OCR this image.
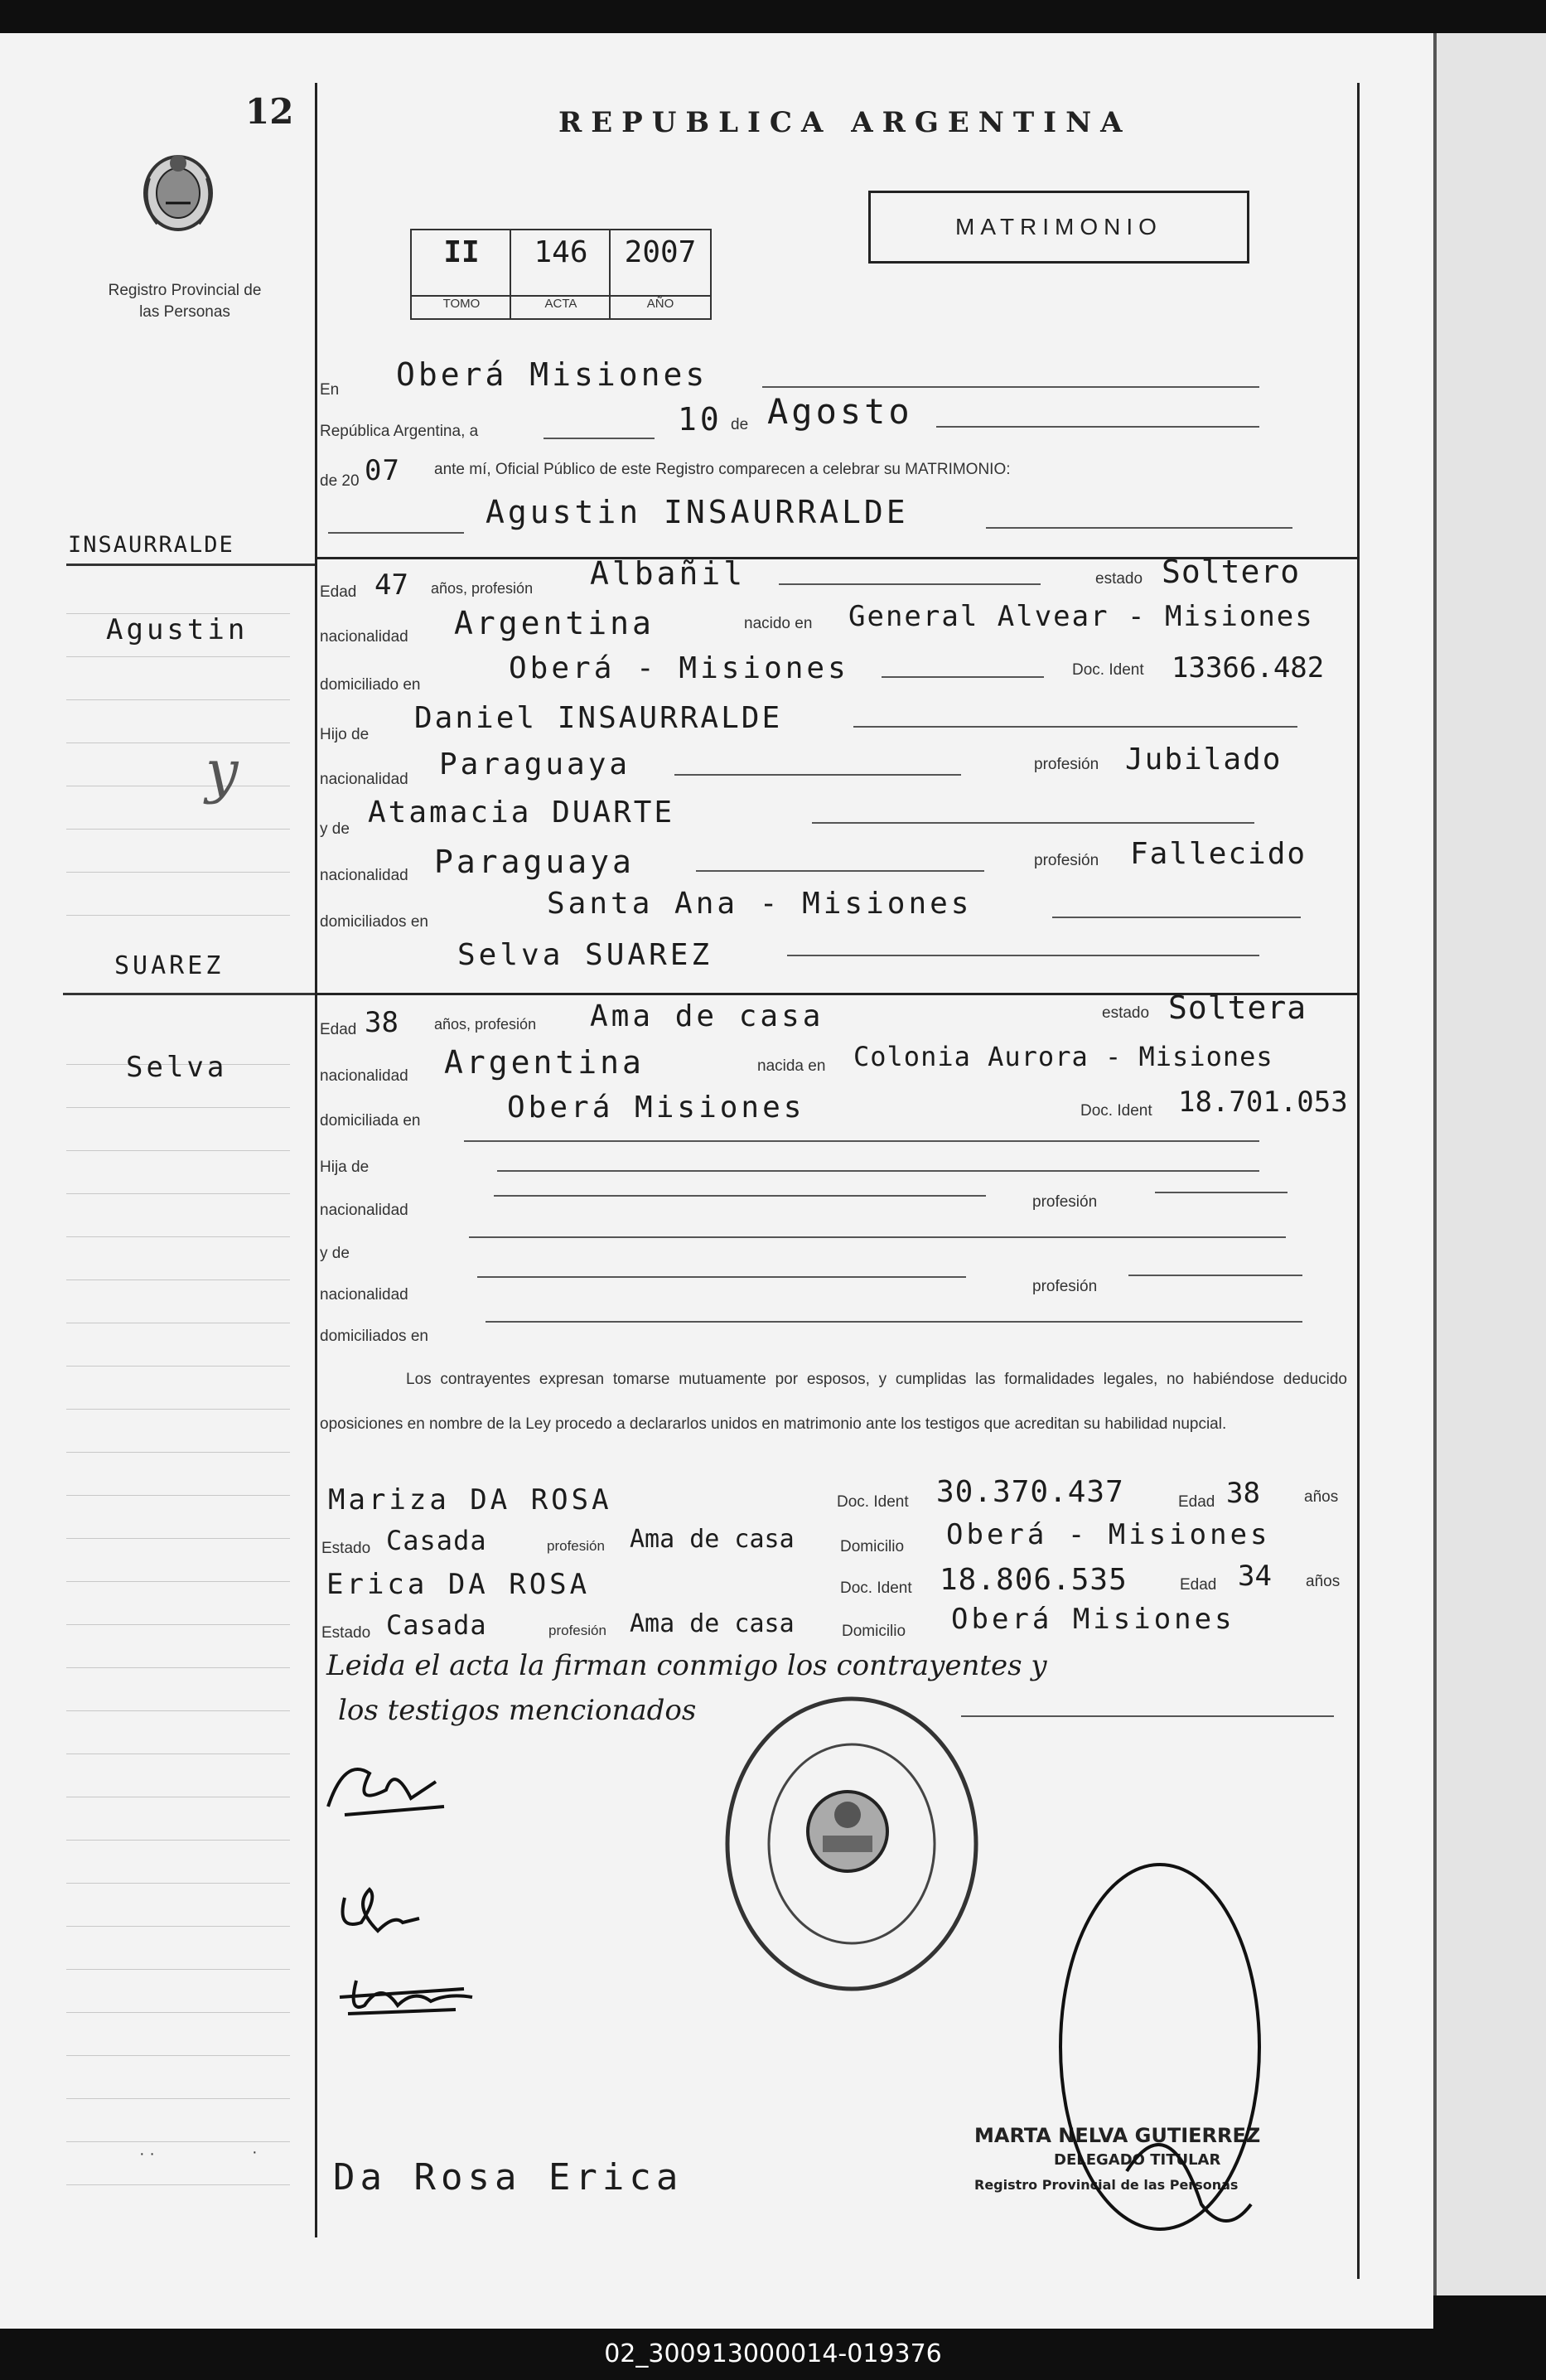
12
Registro Provincial de las Personas
REPUBLICA ARGENTINA
II	146	2007
TOMO	ACTA	AÑO
MATRIMONIO
INSAURRALDE
Agustin
y
SUAREZ
Selva
En Oberá Misiones
República Argentina, a	10 de Agosto
de 20 07 ante mí, Oficial Público de este Registro comparecen a celebrar su MATRIMONIO:
Agustin INSAURRALDE
Edad 47 años, profesión Albañil	estado Soltero
nacionalidad Argentina	nacido en General Alvear - Misiones
domiciliado en	Oberá - Misiones	Doc. Ident 13366.482
Hijo de Daniel INSAURRALDE
nacionalidad Paraguaya	profesión Jubilado
y de Atamacia DUARTE
nacionalidad Paraguaya	profesión Fallecido
domiciliados en
Santa Ana - Misiones
Selva SUAREZ
Edad 38 años, profesión Ama de casa	estado Soltera
nacionalidad Argentina	nacida en Colonia Aurora - Misiones
domiciliada en	Oberá Misiones	Doc. Ident 18.701.053
Hija de
nacionalidad	profesión
y de
nacionalidad	profesión
domiciliados en
Los contrayentes expresan tomarse mutuamente por esposos, y cumplidas las formalidades legales, no habiéndose deducido oposiciones en nombre de la Ley procedo a declararlos unidos en matrimonio ante los testigos que acreditan su habilidad nupcial.
Mariza DA ROSA	Doc. Ident 30.370.437	Edad 38	años
Estado Casada	profesión Ama de casa	Domicilio Oberá - Misiones
Erica DA ROSA	Doc. Ident 18.806.535	Edad 34 años
Estado Casada	profesión Ama de casa	Domicilio Oberá Misiones
Leida el acta la firman conmigo los contrayentes y
los testigos mencionados
Da Rosa Erica
MARTA NELVA GUTIERREZ
DELEGADO TITULAR
Registro Provincial de las Personas
· ·	·
02_300913000014-019376
